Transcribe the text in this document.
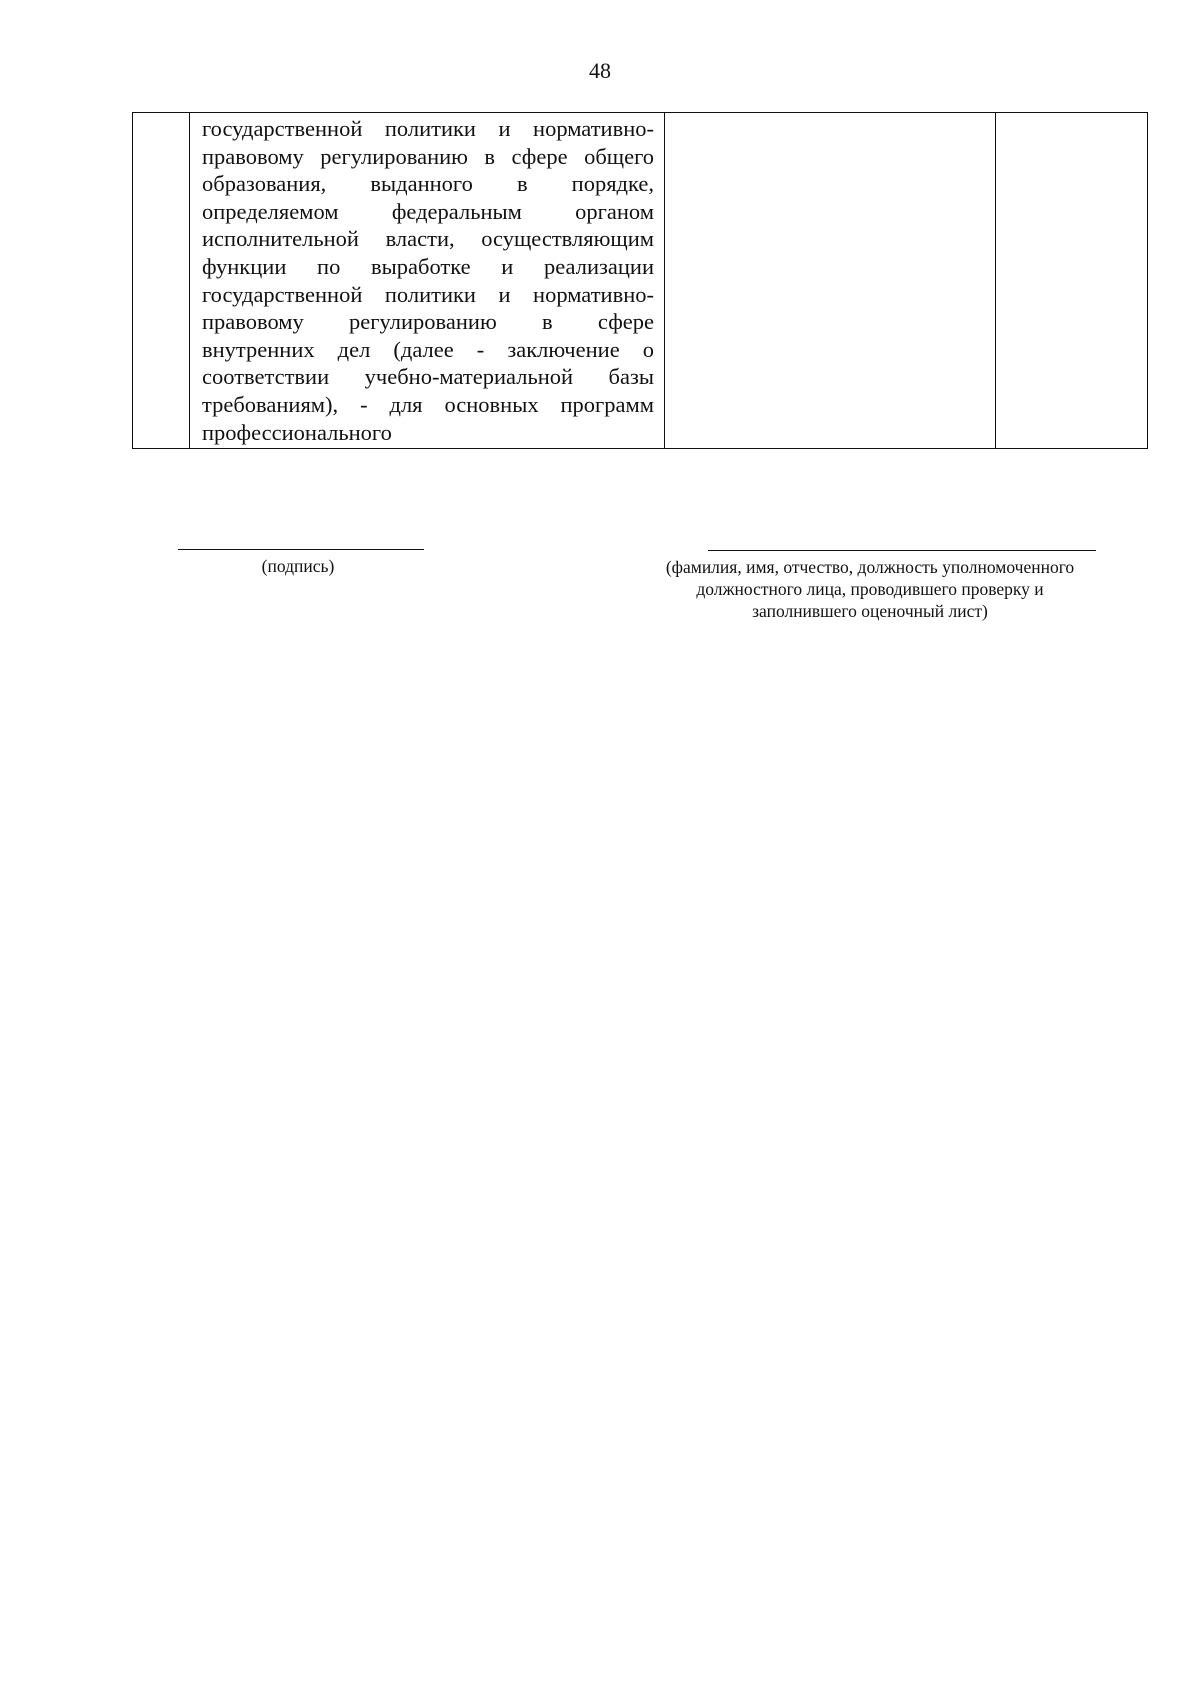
48

государственной политики и нормативно-
правовому регулированию в сфере общего
образования, выданного в порядке,
определяемом федеральным органом
исполнительной власти, осуществляющим
функции по выработке и реализации
государственной политики и нормативно-
правовому регулированию в сфере
внутренних дел (далее - заключение о
соответствии учебно-материальной базы
требованиям), - для основных программ
профессионального

(подпись)	(фамилия, имя, отчество, должность уполномоченного
должностного лица, проводившего проверку и
заполнившего оценочный лист)
